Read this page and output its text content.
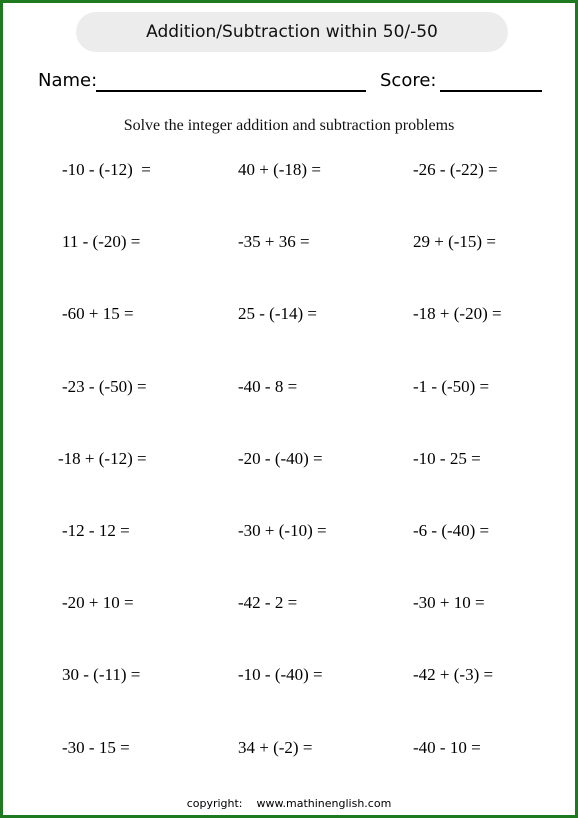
Addition/Subtraction within 50/-50
Name:	Score:
Solve the integer addition and subtraction problems
-10 - (-12)  =	40 + (-18) =	-26 - (-22) =
11 - (-20) =	-35 + 36 =	29 + (-15) =
-60 + 15 =	25 - (-14) =	-18 + (-20) =
-23 - (-50) =	-40 - 8 =	-1 - (-50) =
-18 + (-12) =	-20 - (-40) =	-10 - 25 =
-12 - 12 =	-30 + (-10) =	-6 - (-40) =
-20 + 10 =	-42 - 2 =	-30 + 10 =
30 - (-11) =	-10 - (-40) =	-42 + (-3) =
-30 - 15 =	34 + (-2) =	-40 - 10 =
copyright: www.mathinenglish.com
